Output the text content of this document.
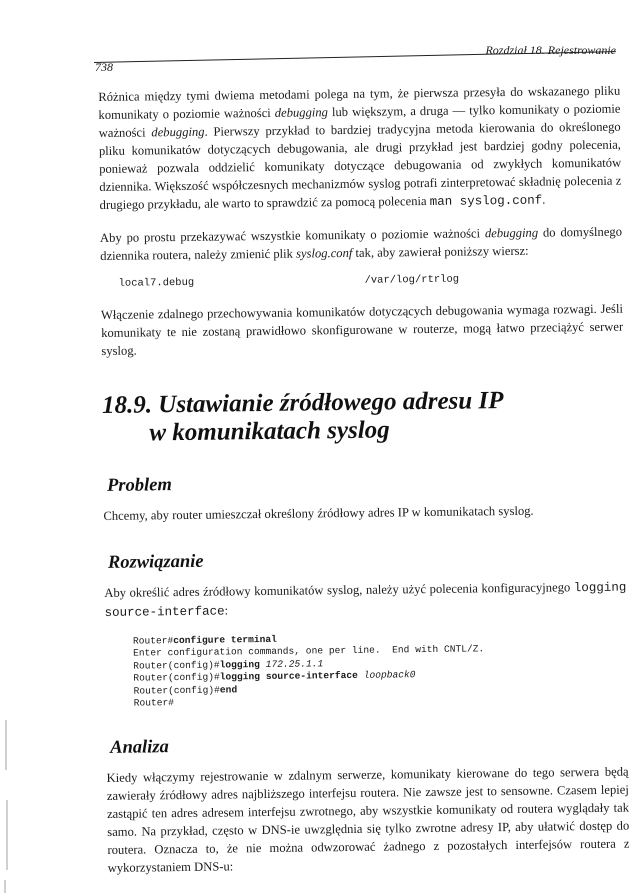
738
Rozdział 18. Rejestrowanie

Różnica między tymi dwiema metodami polega na tym, że pierwsza przesyła do wskazanego pliku komunikaty o poziomie ważności debugging lub większym, a druga — tylko komunikaty o poziomie ważności debugging. Pierwszy przykład to bardziej tradycyjna metoda kierowania do określonego pliku komunikatów dotyczących debugowania, ale drugi przykład jest bardziej godny polecenia, ponieważ pozwala oddzielić komunikaty dotyczące debugowania od zwykłych komunikatów dziennika. Większość współczesnych mechanizmów syslog potrafi zinterpretować składnię polecenia z drugiego przykładu, ale warto to sprawdzić za pomocą polecenia man syslog.conf.

Aby po prostu przekazywać wszystkie komunikaty o poziomie ważności debugging do domyślnego dziennika routera, należy zmienić plik syslog.conf tak, aby zawierał poniższy wiersz:

local7.debug	/var/log/rtrlog

Włączenie zdalnego przechowywania komunikatów dotyczących debugowania wymaga rozwagi. Jeśli komunikaty te nie zostaną prawidłowo skonfigurowane w routerze, mogą łatwo przeciążyć serwer syslog.

18.9. Ustawianie źródłowego adresu IP
w komunikatach syslog
Problem

Chcemy, aby router umieszczał określony źródłowy adres IP w komunikatach syslog.

Rozwiązanie

Aby określić adres źródłowy komunikatów syslog, należy użyć polecenia konfiguracyjnego logging source-interface:

Router#configure terminal
Enter configuration commands, one per line.  End with CNTL/Z.
Router(config)#logging 172.25.1.1
Router(config)#logging source-interface loopback0
Router(config)#end
Router#
Analiza

Kiedy włączymy rejestrowanie w zdalnym serwerze, komunikaty kierowane do tego serwera będą zawierały źródłowy adres najbliższego interfejsu routera. Nie zawsze jest to sensowne. Czasem lepiej zastąpić ten adres adresem interfejsu zwrotnego, aby wszystkie komunikaty od routera wyglądały tak samo. Na przykład, często w DNS-ie uwzględnia się tylko zwrotne adresy IP, aby ułatwić dostęp do routera. Oznacza to, że nie można odwzorować żadnego z pozostałych interfejsów routera z wykorzystaniem DNS-u:
